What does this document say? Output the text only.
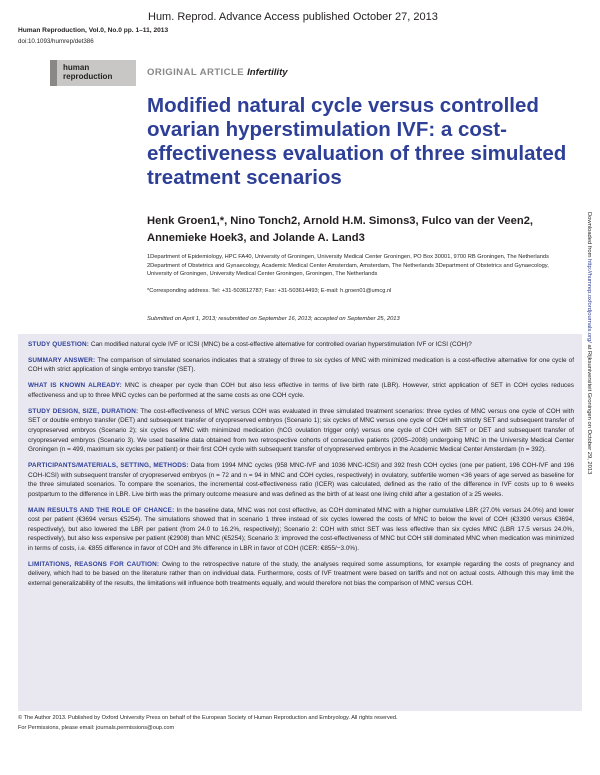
Hum. Reprod. Advance Access published October 27, 2013
Human Reproduction, Vol.0, No.0 pp. 1–11, 2013
doi:10.1093/humrep/det386
human
reproduction	ORIGINAL ARTICLE Infertility
Modified natural cycle versus controlled ovarian hyperstimulation IVF: a cost-effectiveness evaluation of three simulated treatment scenarios
Henk Groen1,*, Nino Tonch2, Arnold H.M. Simons3, Fulco van der Veen2,
Annemieke Hoek3, and Jolande A. Land3
1Department of Epidemiology, HPC FA40, University of Groningen, University Medical Center Groningen, PO Box 30001, 9700 RB Groningen, The Netherlands 2Department of Obstetrics and Gynaecology, Academic Medical Center Amsterdam, Amsterdam, The Netherlands 3Department of Obstetrics and Gynaecology, University of Groningen, University Medical Center Groningen, Groningen, The Netherlands
*Corresponding address. Tel: +31-503612787; Fax: +31-503614493; E-mail: h.groen01@umcg.nl
Submitted on April 1, 2013; resubmitted on September 16, 2013; accepted on September 25, 2013

STUDY QUESTION: Can modified natural cycle IVF or ICSI (MNC) be a cost-effective alternative for controlled ovarian hyperstimulation IVF or ICSI (COH)?

SUMMARY ANSWER: The comparison of simulated scenarios indicates that a strategy of three to six cycles of MNC with minimized medication is a cost-effective alternative for one cycle of COH with strict application of single embryo transfer (SET).

WHAT IS KNOWN ALREADY: MNC is cheaper per cycle than COH but also less effective in terms of live birth rate (LBR). However, strict application of SET in COH cycles reduces effectiveness and up to three MNC cycles can be performed at the same costs as one COH cycle.

STUDY DESIGN, SIZE, DURATION: The cost-effectiveness of MNC versus COH was evaluated in three simulated treatment scenarios: three cycles of MNC versus one cycle of COH with SET or double embryo transfer (DET) and subsequent transfer of cryopreserved embryos (Scenario 1); six cycles of MNC versus one cycle of COH with strictly SET and subsequent transfer of cryopreserved embryos (Scenario 2); six cycles of MNC with minimized medication (hCG ovulation trigger only) versus one cycle of COH with SET or DET and subsequent transfer of cryopreserved embryos (Scenario 3). We used baseline data obtained from two retrospective cohorts of consecutive patients (2005–2008) undergoing MNC in the University Medical Center Groningen (n = 499, maximum six cycles per patient) or their first COH cycle with subsequent transfer of cryopreserved embryos in the Academic Medical Center Amsterdam (n = 392).

PARTICIPANTS/MATERIALS, SETTING, METHODS: Data from 1994 MNC cycles (958 MNC-IVF and 1036 MNC-ICSI) and 392 fresh COH cycles (one per patient, 196 COH-IVF and 196 COH-ICSI) with subsequent transfer of cryopreserved embryos (n = 72 and n = 94 in MNC and COH cycles, respectively) in ovulatory, subfertile women <36 years of age served as baseline for the three simulated scenarios. To compare the scenarios, the incremental cost-effectiveness ratio (ICER) was calculated, defined as the ratio of the difference in IVF costs up to 6 weeks postpartum to the difference in LBR. Live birth was the primary outcome measure and was defined as the birth of at least one living child after a gestation of ≥ 25 weeks.

MAIN RESULTS AND THE ROLE OF CHANCE: In the baseline data, MNC was not cost effective, as COH dominated MNC with a higher cumulative LBR (27.0% versus 24.0%) and lower cost per patient (€3694 versus €5254). The simulations showed that in scenario 1 three instead of six cycles lowered the costs of MNC to below the level of COH (€3390 versus €3694, respectively), but also lowered the LBR per patient (from 24.0 to 16.2%, respectively); Scenario 2: COH with strict SET was less effective than six cycles MNC (LBR 17.5 versus 24.0%, respectively), but also less expensive per patient (€2908) than MNC (€5254); Scenario 3: improved the cost-effectiveness of MNC but COH still dominated MNC when medication was minimized in terms of costs, i.e. €855 difference in favor of COH and 3% difference in LBR in favor of COH (ICER: €855/−3.0%).

LIMITATIONS, REASONS FOR CAUTION: Owing to the retrospective nature of the study, the analyses required some assumptions, for example regarding the costs of pregnancy and delivery, which had to be based on the literature rather than on individual data. Furthermore, costs of IVF treatment were based on tariffs and not on actual costs. Although this may limit the external generalizability of the results, the limitations will influence both treatments equally, and would therefore not bias the comparison of MNC versus COH.

© The Author 2013. Published by Oxford University Press on behalf of the European Society of Human Reproduction and Embryology. All rights reserved.
For Permissions, please email: journals.permissions@oup.com
Downloaded from http://humrep.oxfordjournals.org/ at Rijksuniversiteit Groningen on October 29, 2013
